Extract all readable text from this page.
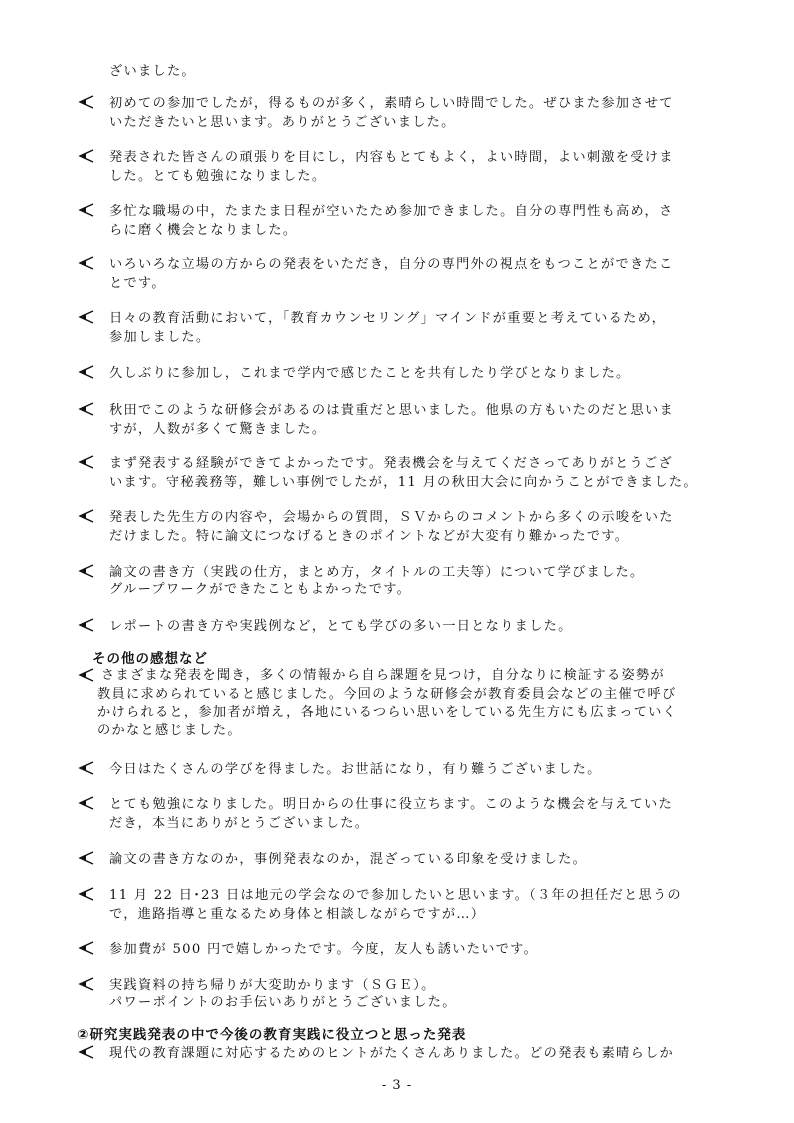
ざいました。
初めての参加でしたが，得るものが多く，素晴らしい時間でした。ぜひまた参加させて
いただきたいと思います。ありがとうございました。
発表された皆さんの頑張りを目にし，内容もとてもよく，よい時間，よい刺激を受けま
した。とても勉強になりました。
多忙な職場の中，たまたま日程が空いたため参加できました。自分の専門性も高め，さ
らに磨く機会となりました。
いろいろな立場の方からの発表をいただき，自分の専門外の視点をもつことができたこ
とです。
日々の教育活動において，「教育カウンセリング」マインドが重要と考えているため，
参加しました。
久しぶりに参加し，これまで学内で感じたことを共有したり学びとなりました。
秋田でこのような研修会があるのは貴重だと思いました。他県の方もいたのだと思いま
すが，人数が多くて驚きました。
まず発表する経験ができてよかったです。発表機会を与えてくださってありがとうござ
います。守秘義務等，難しい事例でしたが，11 月の秋田大会に向かうことができました。
発表した先生方の内容や，会場からの質問，ＳＶからのコメントから多くの示唆をいた
だけました。特に論文につなげるときのポイントなどが大変有り難かったです。
論文の書き方（実践の仕方，まとめ方，タイトルの工夫等）について学びました。
グループワークができたこともよかったです。
レポートの書き方や実践例など，とても学びの多い一日となりました。
その他の感想など
さまざまな発表を聞き，多くの情報から自ら課題を見つけ，自分なりに検証する姿勢が
教員に求められていると感じました。今回のような研修会が教育委員会などの主催で呼び
かけられると，参加者が増え，各地にいるつらい思いをしている先生方にも広まっていく
のかなと感じました。
今日はたくさんの学びを得ました。お世話になり，有り難うございました。
とても勉強になりました。明日からの仕事に役立ちます。このような機会を与えていた
だき，本当にありがとうございました。
論文の書き方なのか，事例発表なのか，混ざっている印象を受けました。
11 月 22 日･23 日は地元の学会なので参加したいと思います。（３年の担任だと思うの
で，進路指導と重なるため身体と相談しながらですが…）
参加費が 500 円で嬉しかったです。今度，友人も誘いたいです。
実践資料の持ち帰りが大変助かります（ＳＧＥ）。
パワーポイントのお手伝いありがとうございました。
②研究実践発表の中で今後の教育実践に役立つと思った発表
現代の教育課題に対応するためのヒントがたくさんありました。どの発表も素晴らしか
- 3 -
